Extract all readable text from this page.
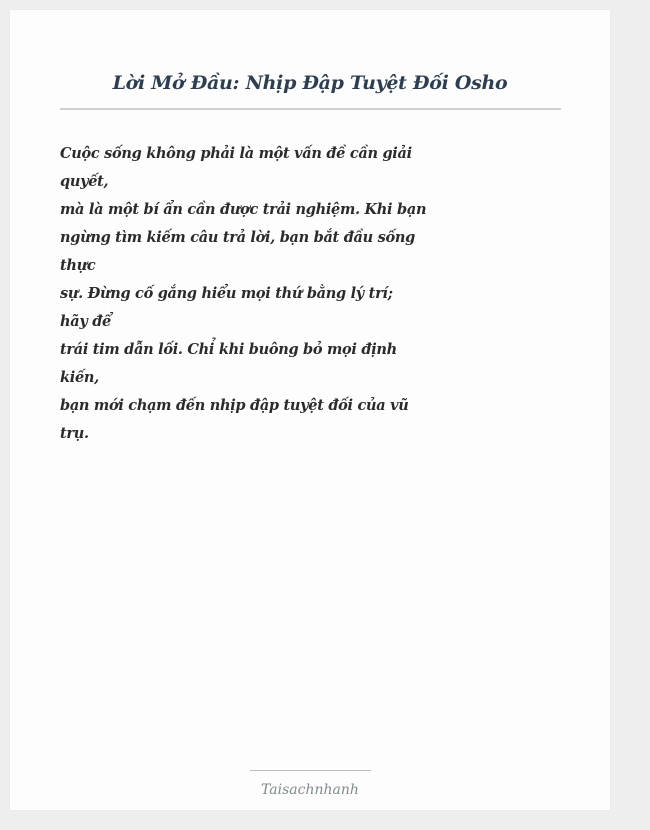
Lời Mở Đầu: Nhịp Đập Tuyệt Đối Osho
Cuộc sống không phải là một vấn đề cần giải
quyết,
mà là một bí ẩn cần được trải nghiệm. Khi bạn
ngừng tìm kiếm câu trả lời, bạn bắt đầu sống
thực
sự. Đừng cố gắng hiểu mọi thứ bằng lý trí;
hãy để
trái tim dẫn lối. Chỉ khi buông bỏ mọi định
kiến,
bạn mới chạm đến nhịp đập tuyệt đối của vũ
trụ.
Taisachnhanh
